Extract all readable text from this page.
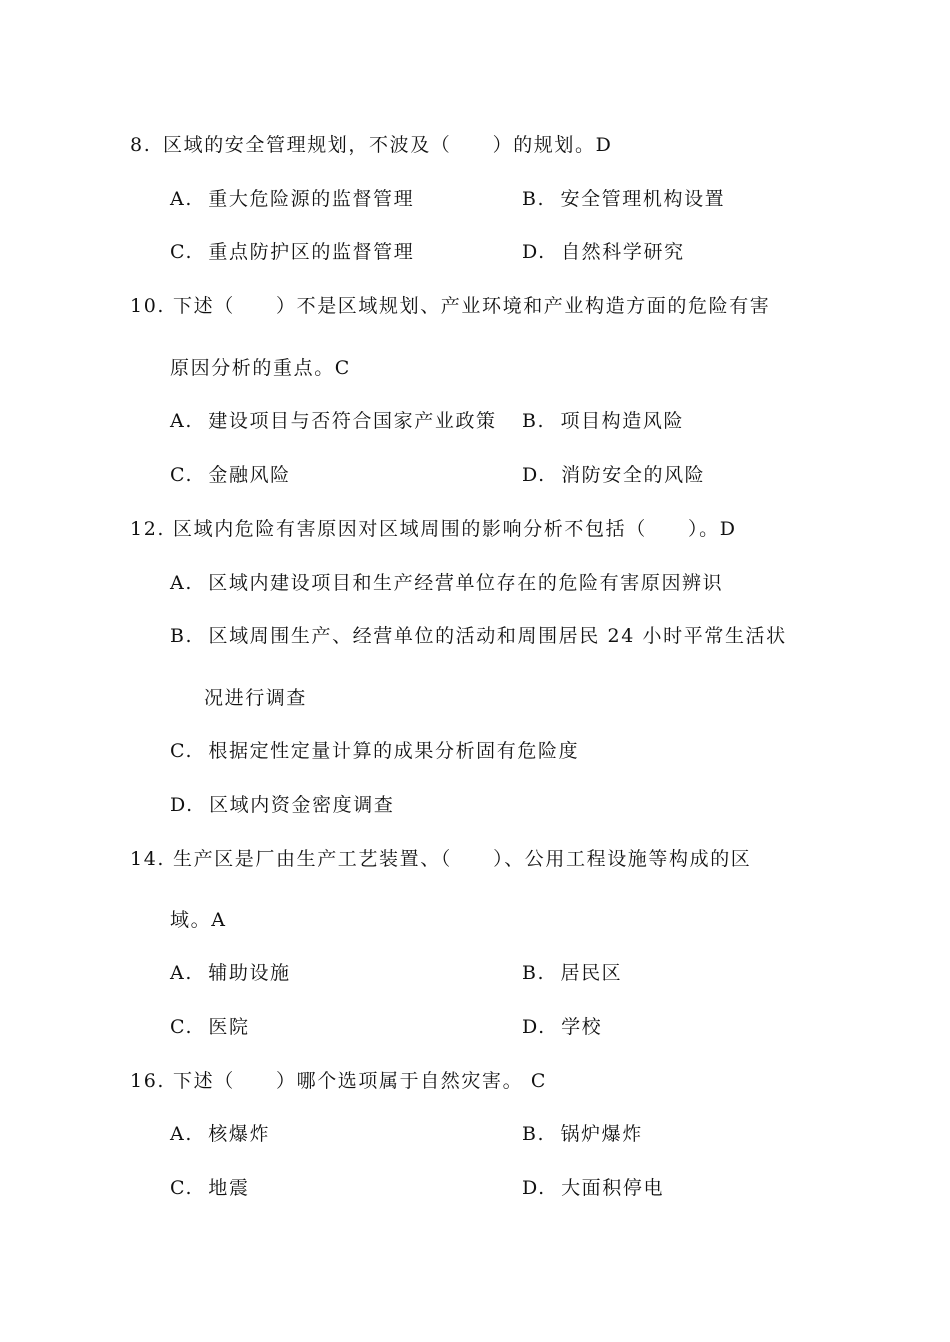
8. 区域的安全管理规划，不波及（　　）的规划。D
A.  重大危险源的监督管理	B.  安全管理机构设置
C.  重点防护区的监督管理	D.  自然科学研究
10. 下述（　　）不是区域规划、产业环境和产业构造方面的危险有害
原因分析的重点。C
A.  建设项目与否符合国家产业政策 B.  项目构造风险
C.  金融风险	D.  消防安全的风险
12. 区域内危险有害原因对区域周围的影响分析不包括（　　）。D
A.  区域内建设项目和生产经营单位存在的危险有害原因辨识
B.  区域周围生产、经营单位的活动和周围居民 24 小时平常生活状
况进行调查
C.  根据定性定量计算的成果分析固有危险度
D.  区域内资金密度调查
14. 生产区是厂由生产工艺装置、（　　）、公用工程设施等构成的区
域。A
A.  辅助设施	B.  居民区
C.  医院	D.  学校
16. 下述（　　）哪个选项属于自然灾害。 C
A.  核爆炸	B.  锅炉爆炸
C.  地震	D.  大面积停电
